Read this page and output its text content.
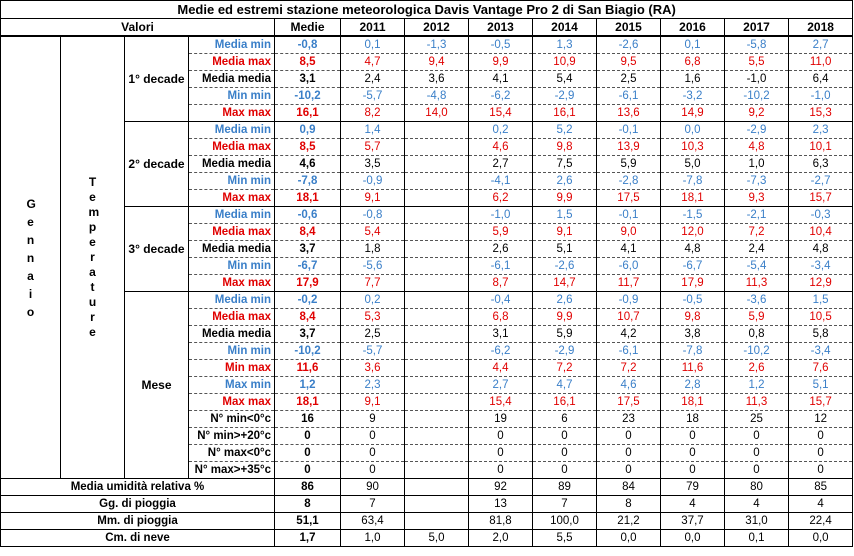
Medie ed estremi stazione meteorologica Davis Vantage Pro 2 di San Biagio (RA)												
Valori				Medie	2011	2012	2013	2014	2015	2016	2017	2018

Gennaio	Temperature	1° decade	Media min	-0,8	0,1	-1,3	-0,5	1,3	-2,6	0,1	-5,8	2,7
			Media max	8,5	4,7	9,4	9,9	10,9	9,5	6,8	5,5	11,0
			Media media	3,1	2,4	3,6	4,1	5,4	2,5	1,6	-1,0	6,4
			Min min	-10,2	-5,7	-4,8	-6,2	-2,9	-6,1	-3,2	-10,2	-1,0
			Max max	16,1	8,2	14,0	15,4	16,1	13,6	14,9	9,2	15,3
		2° decade	Media min	0,9	1,4		0,2	5,2	-0,1	0,0	-2,9	2,3
			Media max	8,5	5,7		4,6	9,8	13,9	10,3	4,8	10,1
			Media media	4,6	3,5		2,7	7,5	5,9	5,0	1,0	6,3
			Min min	-7,8	-0,9		-4,1	2,6	-2,8	-7,8	-7,3	-2,7
			Max max	18,1	9,1		6,2	9,9	17,5	18,1	9,3	15,7
		3° decade	Media min	-0,6	-0,8		-1,0	1,5	-0,1	-1,5	-2,1	-0,3
			Media max	8,4	5,4		5,9	9,1	9,0	12,0	7,2	10,4
			Media media	3,7	1,8		2,6	5,1	4,1	4,8	2,4	4,8
			Min min	-6,7	-5,6		-6,1	-2,6	-6,0	-6,7	-5,4	-3,4
			Max max	17,9	7,7		8,7	14,7	11,7	17,9	11,3	12,9
		Mese	Media min	-0,2	0,2		-0,4	2,6	-0,9	-0,5	-3,6	1,5
			Media max	8,4	5,3		6,8	9,9	10,7	9,8	5,9	10,5
			Media media	3,7	2,5		3,1	5,9	4,2	3,8	0,8	5,8
			Min min	-10,2	-5,7		-6,2	-2,9	-6,1	-7,8	-10,2	-3,4
			Min max	11,6	3,6		4,4	7,2	7,2	11,6	2,6	7,6
			Max min	1,2	2,3		2,7	4,7	4,6	2,8	1,2	5,1
			Max max	18,1	9,1		15,4	16,1	17,5	18,1	11,3	15,7
			N° min<0°c	16	9		19	6	23	18	25	12
			N° min>+20°c	0	0		0	0	0	0	0	0
			N° max<0°c	0	0		0	0	0	0	0	0
			N° max>+35°c	0	0		0	0	0	0	0	0
Media umidità relativa %				86	90		92	89	84	79	80	85
Gg. di pioggia				8	7		13	7	8	4	4	4
Mm. di pioggia				51,1	63,4		81,8	100,0	21,2	37,7	31,0	22,4
Cm. di neve				1,7	1,0	5,0	2,0	5,5	0,0	0,0	0,1	0,0
